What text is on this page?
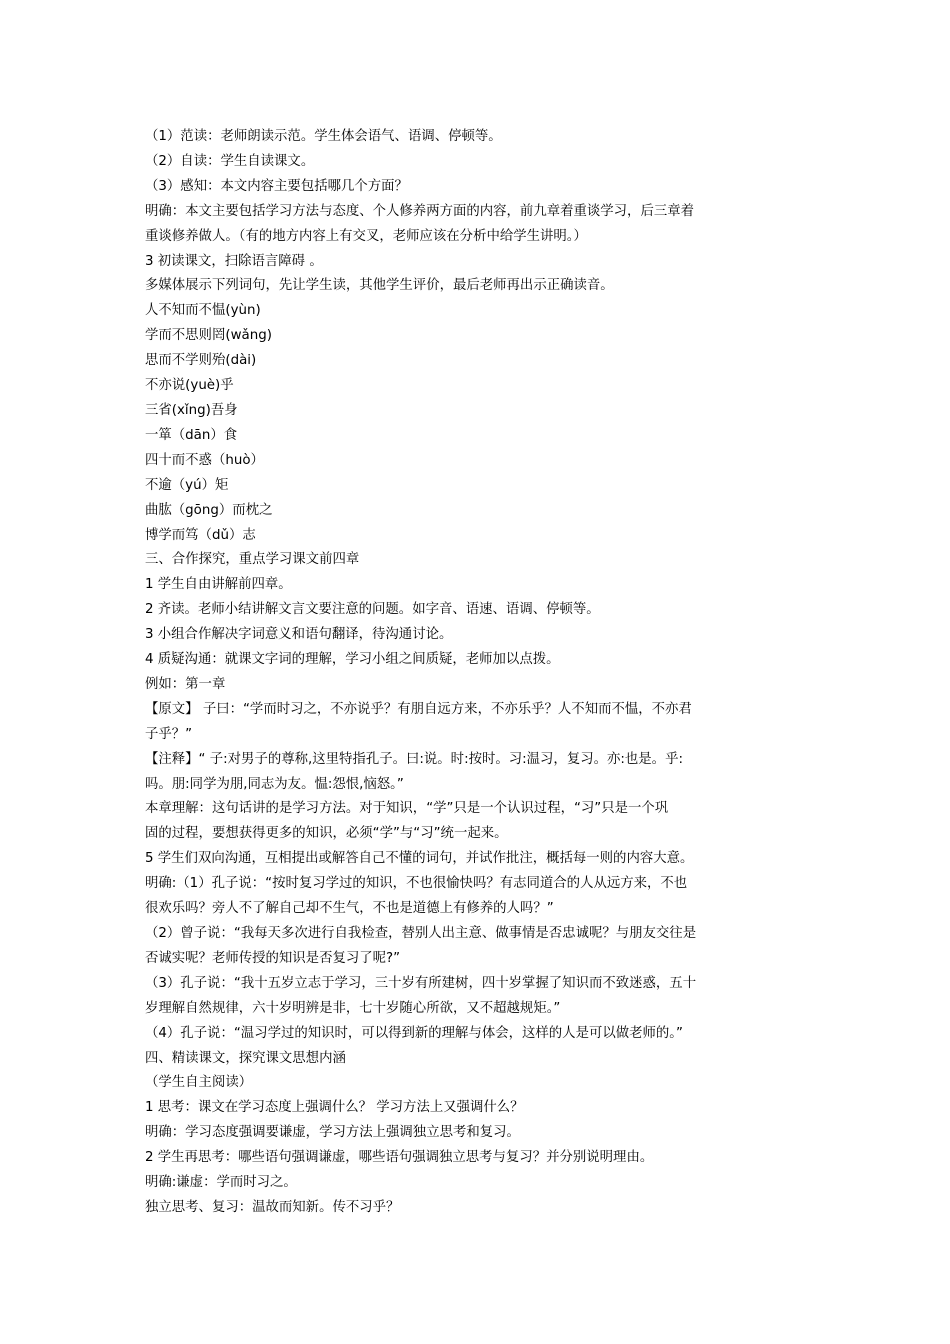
（1）范读：老师朗读示范。学生体会语气、语调、停顿等。
（2）自读：学生自读课文。
（3）感知：本文内容主要包括哪几个方面？
明确：本文主要包括学习方法与态度、个人修养两方面的内容，前九章着重谈学习，后三章着
重谈修养做人。（有的地方内容上有交叉，老师应该在分析中给学生讲明。）
3 初读课文，扫除语言障碍 。
多媒体展示下列词句，先让学生读，其他学生评价，最后老师再出示正确读音。
人不知而不愠(yùn)
学而不思则罔(wǎng)
思而不学则殆(dài)
不亦说(yuè)乎
三省(xǐng)吾身
一箪（dān）食
四十而不惑（huò）
不逾（yú）矩
曲肱（gōng）而枕之
博学而笃（dǔ）志
三、合作探究，重点学习课文前四章
1 学生自由讲解前四章。
2 齐读。老师小结讲解文言文要注意的问题。如字音、语速、语调、停顿等。
3 小组合作解决字词意义和语句翻译，待沟通讨论。
4 质疑沟通：就课文字词的理解，学习小组之间质疑，老师加以点拨。
例如：第一章
【原文】 子曰：“学而时习之，不亦说乎？有朋自远方来，不亦乐乎？人不知而不愠，不亦君
子乎？”
【注释】“ 子:对男子的尊称,这里特指孔子。曰:说。时:按时。习:温习，复习。亦:也是。乎:
吗。朋:同学为朋,同志为友。愠:怨恨,恼怒。”
本章理解：这句话讲的是学习方法。对于知识，“学”只是一个认识过程，“习”只是一个巩
固的过程，要想获得更多的知识，必须“学”与“习”统一起来。
5 学生们双向沟通，互相提出或解答自己不懂的词句，并试作批注，概括每一则的内容大意。
明确:（1）孔子说：“按时复习学过的知识，不也很愉快吗？有志同道合的人从远方来，不也
很欢乐吗？旁人不了解自己却不生气，不也是道德上有修养的人吗？”
（2）曾子说：“我每天多次进行自我检查，替别人出主意、做事情是否忠诚呢？与朋友交往是
否诚实呢？老师传授的知识是否复习了呢?”
（3）孔子说：“我十五岁立志于学习，三十岁有所建树，四十岁掌握了知识而不致迷惑，五十
岁理解自然规律，六十岁明辨是非，七十岁随心所欲，又不超越规矩。”
（4）孔子说：“温习学过的知识时，可以得到新的理解与体会，这样的人是可以做老师的。”
四、精读课文，探究课文思想内涵
（学生自主阅读）
1 思考：课文在学习态度上强调什么？ 学习方法上又强调什么？
明确：学习态度强调要谦虚，学习方法上强调独立思考和复习。
2 学生再思考：哪些语句强调谦虚，哪些语句强调独立思考与复习？并分别说明理由。
明确:谦虚：学而时习之。
独立思考、复习：温故而知新。传不习乎？
